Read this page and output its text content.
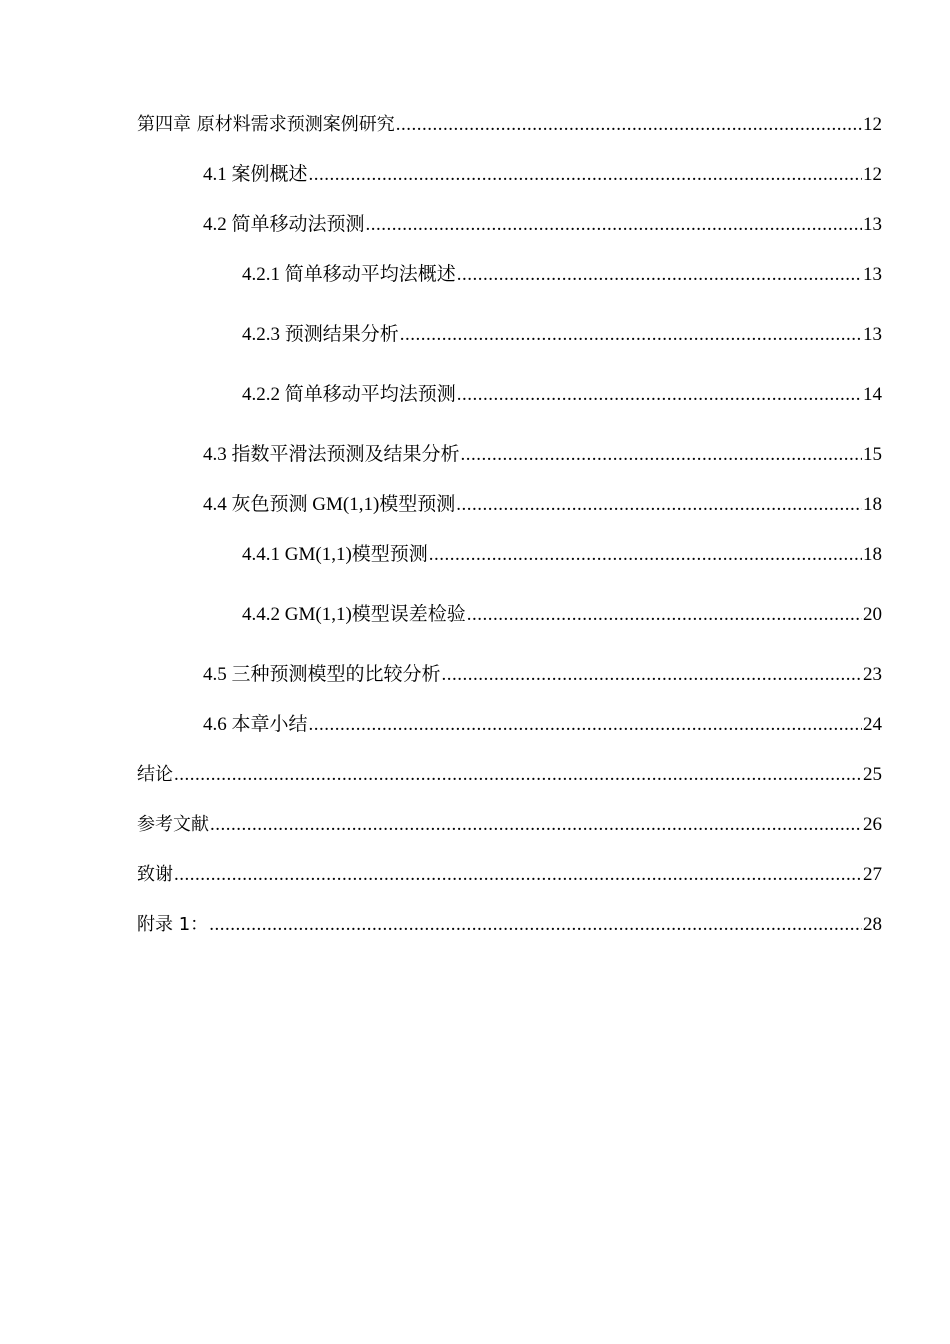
第四章 原材料需求预测案例研究 .....	12
4.1 案例概述 .....	12
4.2 简单移动法预测 .....	13
4.2.1 简单移动平均法概述 .....	13
4.2.3 预测结果分析 .....	13
4.2.2 简单移动平均法预测 .....	14
4.3 指数平滑法预测及结果分析 .....	15
4.4 灰色预测 GM(1,1)模型预测 .....	18
4.4.1 GM(1,1)模型预测 .....	18
4.4.2 GM(1,1)模型误差检验 .....	20
4.5 三种预测模型的比较分析 .....	23
4.6 本章小结 .....	24
结论 .....	25
参考文献 .....	26
致谢 .....	27
附录 1： .....	28
